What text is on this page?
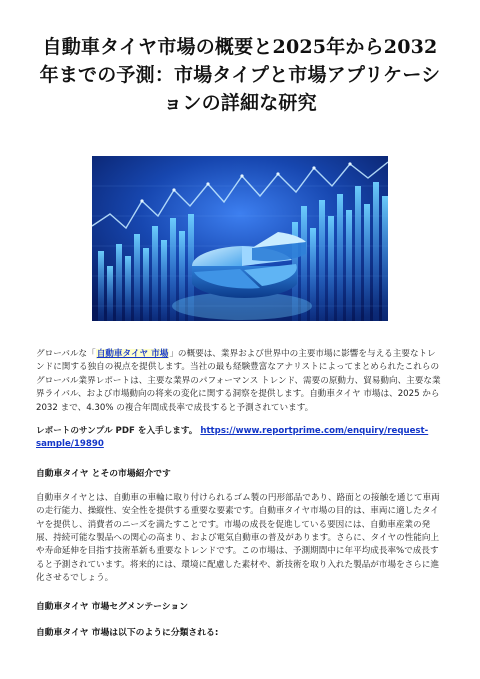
自動車タイヤ市場の概要と2025年から2032年までの予測：市場タイプと市場アプリケーションの詳細な研究

グローバルな「自動車タイヤ 市場」の概要は、業界および世界中の主要市場に影響を与える主要なトレンドに関する独自の視点を提供します。当社の最も経験豊富なアナリストによってまとめられたこれらのグローバル業界レポートは、主要な業界のパフォーマンス トレンド、需要の原動力、貿易動向、主要な業界ライバル、および市場動向の将来の変化に関する洞察を提供します。自動車タイヤ 市場は、2025 から 2032 まで、4.30% の複合年間成長率で成長すると予測されています。

レポートのサンプル PDF を入手します。 https://www.reportprime.com/enquiry/request-sample/19890

自動車タイヤ とその市場紹介です

自動車タイヤとは、自動車の車輪に取り付けられるゴム製の円形部品であり、路面との接触を通じて車両の走行能力、操縦性、安全性を提供する重要な要素です。自動車タイヤ市場の目的は、車両に適したタイヤを提供し、消費者のニーズを満たすことです。市場の成長を促進している要因には、自動車産業の発展、持続可能な製品への関心の高まり、および電気自動車の普及があります。さらに、タイヤの性能向上や寿命延伸を目指す技術革新も重要なトレンドです。この市場は、予測期間中に年平均成長率%で成長すると予測されています。将来的には、環境に配慮した素材や、新技術を取り入れた製品が市場をさらに進化させるでしょう。

自動車タイヤ 市場セグメンテーション

自動車タイヤ 市場は以下のように分類される:
